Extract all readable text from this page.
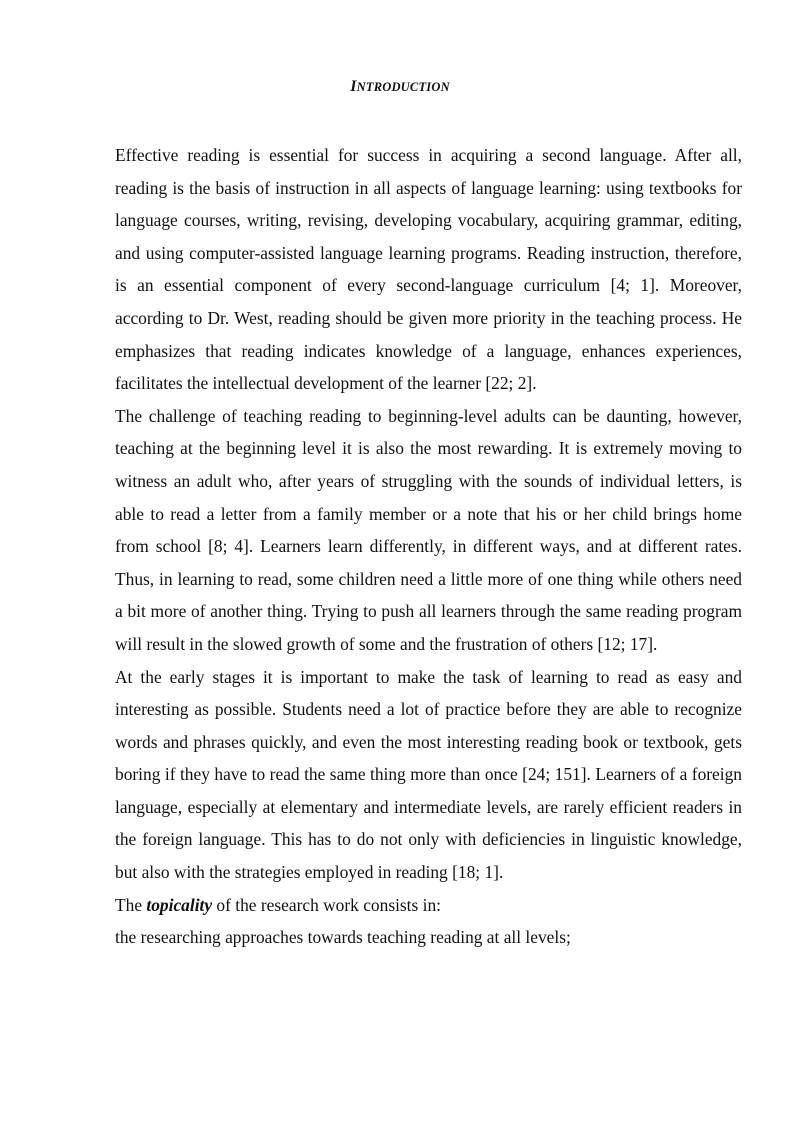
INTRODUCTION

Effective reading is essential for success in acquiring a second language. After all, reading is the basis of instruction in all aspects of language learning: using textbooks for language courses, writing, revising, developing vocabulary, acquiring grammar, editing, and using computer-assisted language learning programs. Reading instruction, therefore, is an essential component of every second-language curriculum [4; 1]. Moreover, according to Dr. West, reading should be given more priority in the teaching process. He emphasizes that reading indicates knowledge of a language, enhances experiences, facilitates the intellectual development of the learner [22; 2].

The challenge of teaching reading to beginning-level adults can be daunting, however, teaching at the beginning level it is also the most rewarding. It is extremely moving to witness an adult who, after years of struggling with the sounds of individual letters, is able to read a letter from a family member or a note that his or her child brings home from school [8; 4]. Learners learn differently, in different ways, and at different rates. Thus, in learning to read, some children need a little more of one thing while others need a bit more of another thing. Trying to push all learners through the same reading program will result in the slowed growth of some and the frustration of others [12; 17].

At the early stages it is important to make the task of learning to read as easy and interesting as possible. Students need a lot of practice before they are able to recognize words and phrases quickly, and even the most interesting reading book or textbook, gets boring if they have to read the same thing more than once [24; 151]. Learners of a foreign language, especially at elementary and intermediate levels, are rarely efficient readers in the foreign language. This has to do not only with deficiencies in linguistic knowledge, but also with the strategies employed in reading [18; 1].

The topicality of the research work consists in:

the researching approaches towards teaching reading at all levels;
